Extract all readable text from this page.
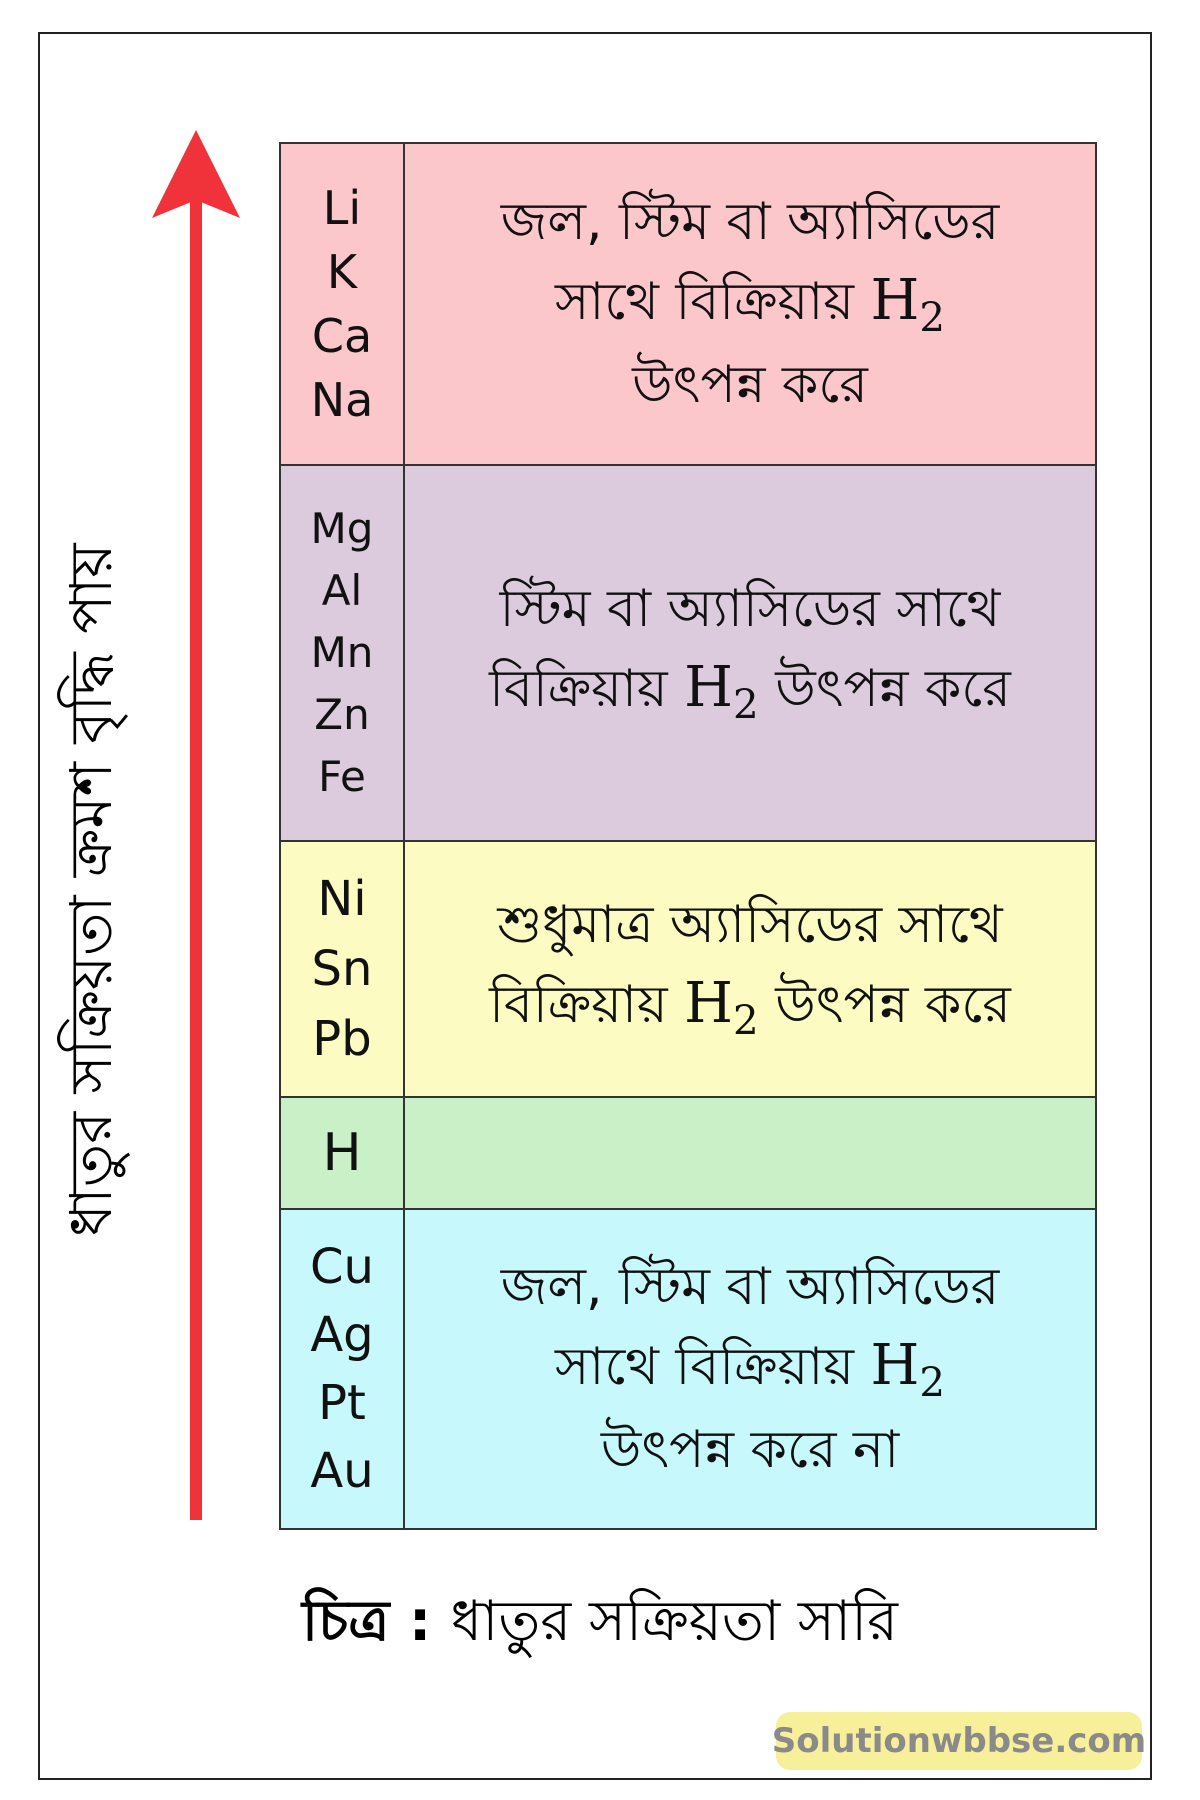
ধাতুর সক্রিয়তা ক্রমশ বৃদ্ধি পায়
Li
K
Ca
Na
জল, স্টিম বা অ্যাসিডের
সাথে বিক্রিয়ায় $H_2$
উৎপন্ন করে
Mg
Al
Mn
Zn
Fe
স্টিম বা অ্যাসিডের সাথে
বিক্রিয়ায় $H_2$ উৎপন্ন করে
Ni
Sn
Pb
শুধুমাত্র অ্যাসিডের সাথে
বিক্রিয়ায় $H_2$ উৎপন্ন করে
H
Cu
Ag
Pt
Au
জল, স্টিম বা অ্যাসিডের
সাথে বিক্রিয়ায় $H_2$
উৎপন্ন করে না
চিত্র : ধাতুর সক্রিয়তা সারি
Solutionwbbse.com
